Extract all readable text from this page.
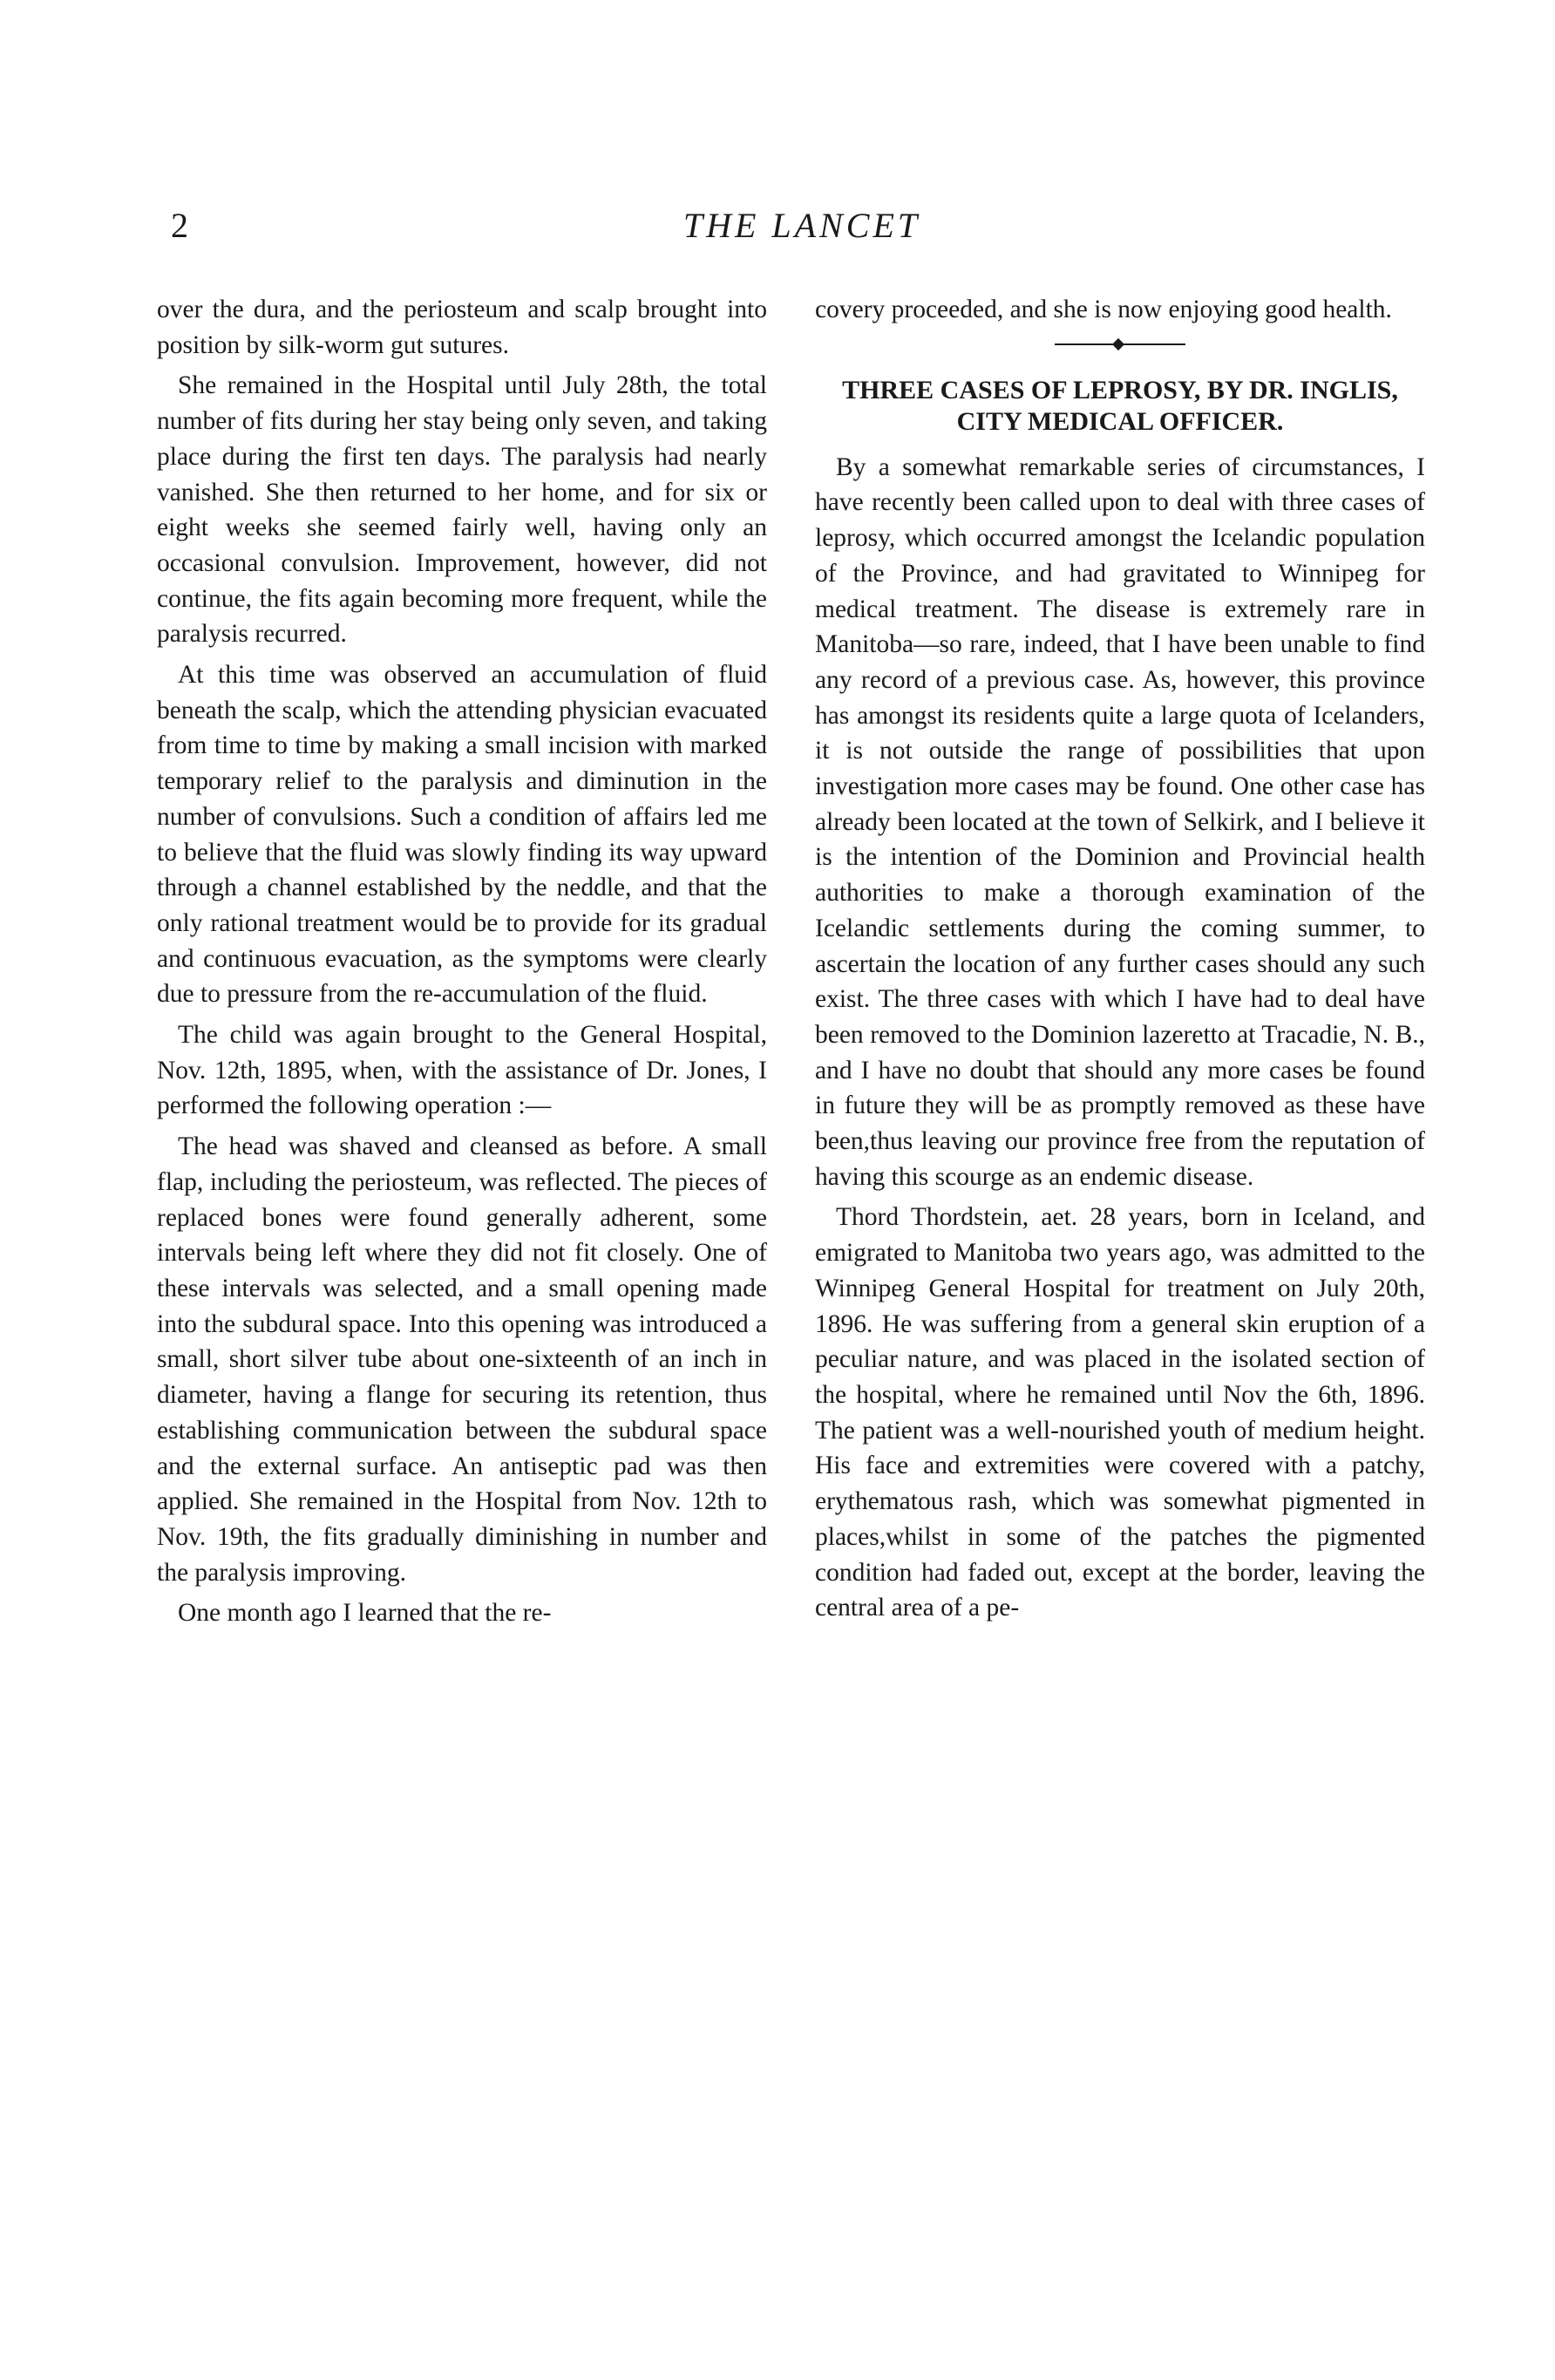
2	THE LANCET

over the dura, and the periosteum and scalp brought into position by silk-worm gut sutures.

She remained in the Hospital until July 28th, the total number of fits during her stay being only seven, and taking place during the first ten days. The paralysis had nearly vanished. She then returned to her home, and for six or eight weeks she seemed fairly well, having only an occasional convulsion. Improvement, however, did not continue, the fits again becoming more frequent, while the paralysis recurred.

At this time was observed an accumulation of fluid beneath the scalp, which the attending physician evacuated from time to time by making a small incision with marked temporary relief to the paralysis and diminution in the number of convulsions. Such a condition of affairs led me to believe that the fluid was slowly finding its way upward through a channel established by the neddle, and that the only rational treatment would be to provide for its gradual and continuous evacuation, as the symptoms were clearly due to pressure from the re-accumulation of the fluid.

The child was again brought to the General Hospital, Nov. 12th, 1895, when, with the assistance of Dr. Jones, I performed the following operation :—

The head was shaved and cleansed as before. A small flap, including the periosteum, was reflected. The pieces of replaced bones were found generally adherent, some intervals being left where they did not fit closely. One of these intervals was selected, and a small opening made into the subdural space. Into this opening was introduced a small, short silver tube about one-sixteenth of an inch in diameter, having a flange for securing its retention, thus establishing communication between the subdural space and the external surface. An antiseptic pad was then applied. She remained in the Hospital from Nov. 12th to Nov. 19th, the fits gradually diminishing in number and the paralysis improving.

One month ago I learned that the re-

covery proceeded, and she is now enjoying good health.

THREE CASES OF LEPROSY, BY DR. INGLIS, CITY MEDICAL OFFICER.

By a somewhat remarkable series of circumstances, I have recently been called upon to deal with three cases of leprosy, which occurred amongst the Icelandic population of the Province, and had gravitated to Winnipeg for medical treatment. The disease is extremely rare in Manitoba—so rare, indeed, that I have been unable to find any record of a previous case. As, however, this province has amongst its residents quite a large quota of Icelanders, it is not outside the range of possibilities that upon investigation more cases may be found. One other case has already been located at the town of Selkirk, and I believe it is the intention of the Dominion and Provincial health authorities to make a thorough examination of the Icelandic settlements during the coming summer, to ascertain the location of any further cases should any such exist. The three cases with which I have had to deal have been removed to the Dominion lazeretto at Tracadie, N. B., and I have no doubt that should any more cases be found in future they will be as promptly removed as these have been,thus leaving our province free from the reputation of having this scourge as an endemic disease.

Thord Thordstein, aet. 28 years, born in Iceland, and emigrated to Manitoba two years ago, was admitted to the Winnipeg General Hospital for treatment on July 20th, 1896. He was suffering from a general skin eruption of a peculiar nature, and was placed in the isolated section of the hospital, where he remained until Nov the 6th, 1896. The patient was a well-nourished youth of medium height. His face and extremities were covered with a patchy, erythematous rash, which was somewhat pigmented in places,whilst in some of the patches the pigmented condition had faded out, except at the border, leaving the central area of a pe-
